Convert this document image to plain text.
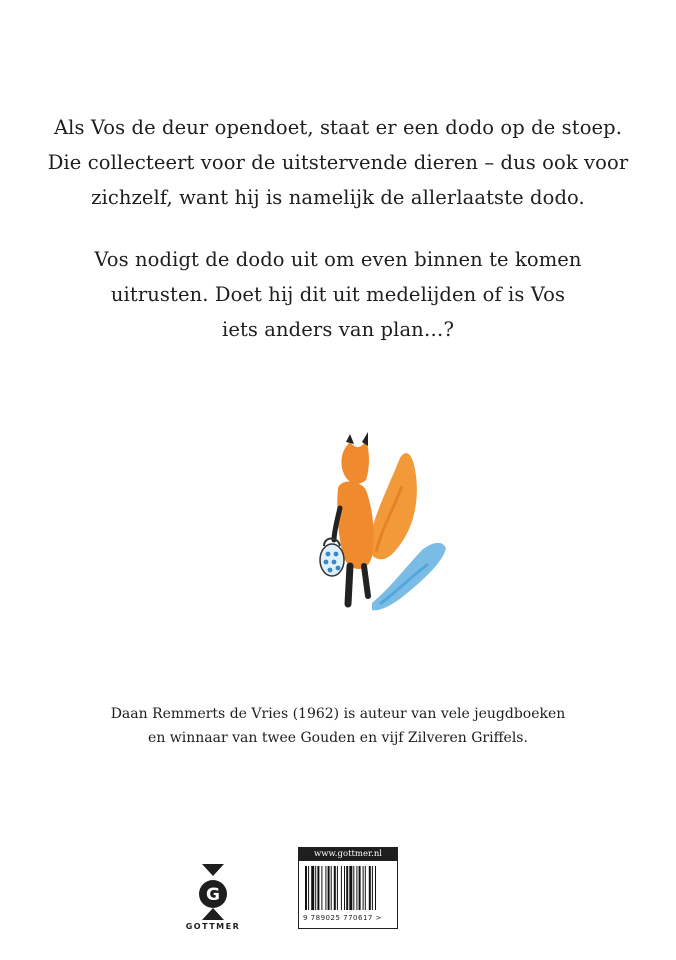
Als Vos de deur opendoet, staat er een dodo op de stoep.

Die collecteert voor de uitstervende dieren – dus ook voor

zichzelf, want hij is namelijk de allerlaatste dodo.

Vos nodigt de dodo uit om even binnen te komen

uitrusten. Doet hij dit uit medelijden of is Vos

iets anders van plan…?

Daan Remmerts de Vries (1962) is auteur van vele jeugdboeken

en winnaar van twee Gouden en vijf Zilveren Griffels.

G
GOTTMER
www.gottmer.nl
9 789025 770617 >
